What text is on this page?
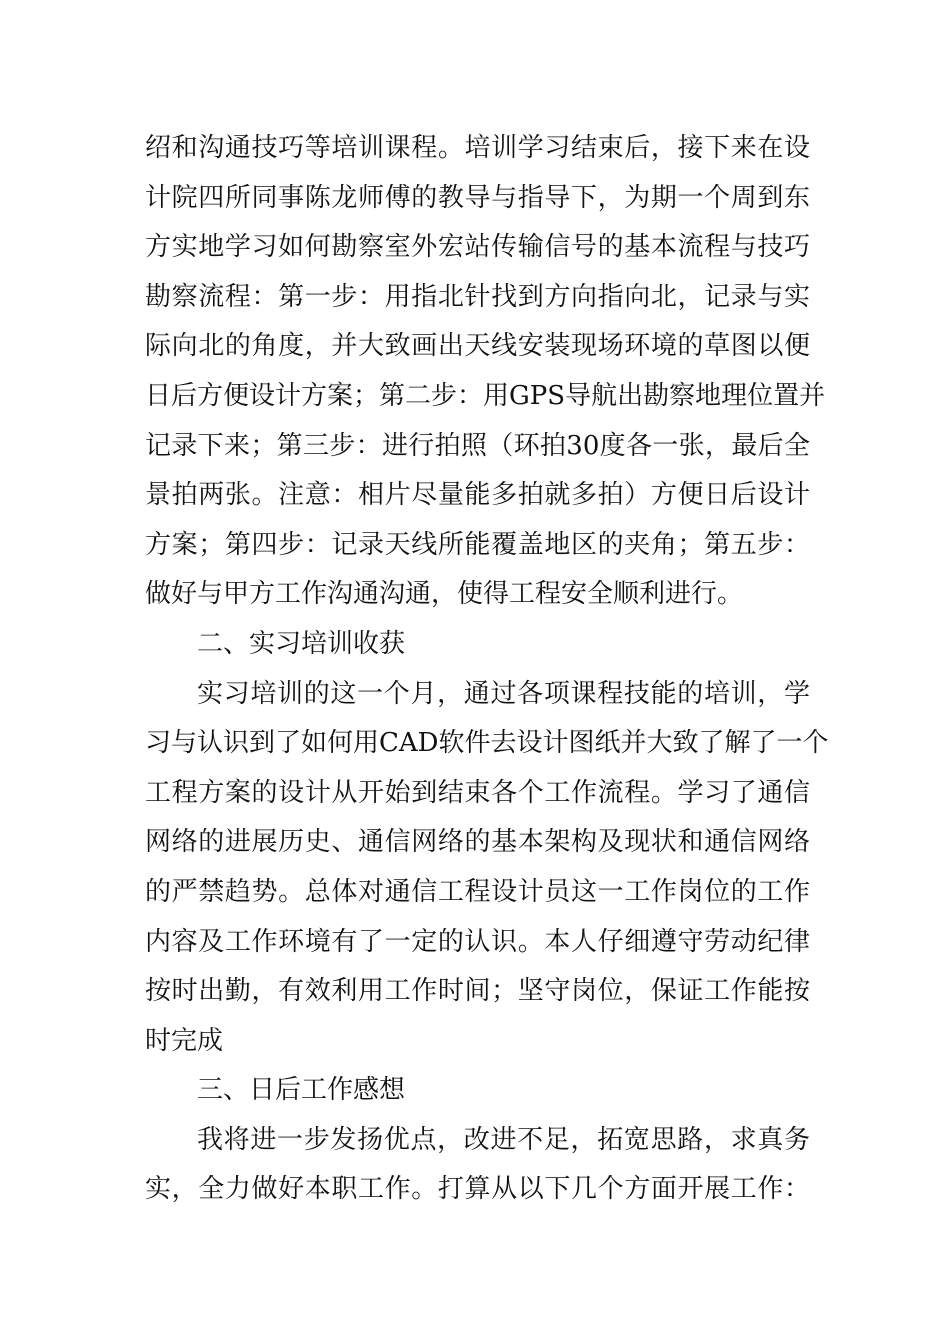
绍和沟通技巧等培训课程。培训学习结束后，接下来在设
计院四所同事陈龙师傅的教导与指导下，为期一个周到东
方实地学习如何勘察室外宏站传输信号的基本流程与技巧
勘察流程：第一步：用指北针找到方向指向北，记录与实
际向北的角度，并大致画出天线安装现场环境的草图以便
日后方便设计方案；第二步：用GPS导航出勘察地理位置并
记录下来；第三步：进行拍照（环拍30度各一张，最后全
景拍两张。注意：相片尽量能多拍就多拍）方便日后设计
方案；第四步：记录天线所能覆盖地区的夹角；第五步：
做好与甲方工作沟通沟通，使得工程安全顺利进行。
二、实习培训收获
实习培训的这一个月，通过各项课程技能的培训，学
习与认识到了如何用CAD软件去设计图纸并大致了解了一个
工程方案的设计从开始到结束各个工作流程。学习了通信
网络的进展历史、通信网络的基本架构及现状和通信网络
的严禁趋势。总体对通信工程设计员这一工作岗位的工作
内容及工作环境有了一定的认识。本人仔细遵守劳动纪律
按时出勤，有效利用工作时间；坚守岗位，保证工作能按
时完成
三、日后工作感想
我将进一步发扬优点，改进不足，拓宽思路，求真务
实，全力做好本职工作。打算从以下几个方面开展工作：
